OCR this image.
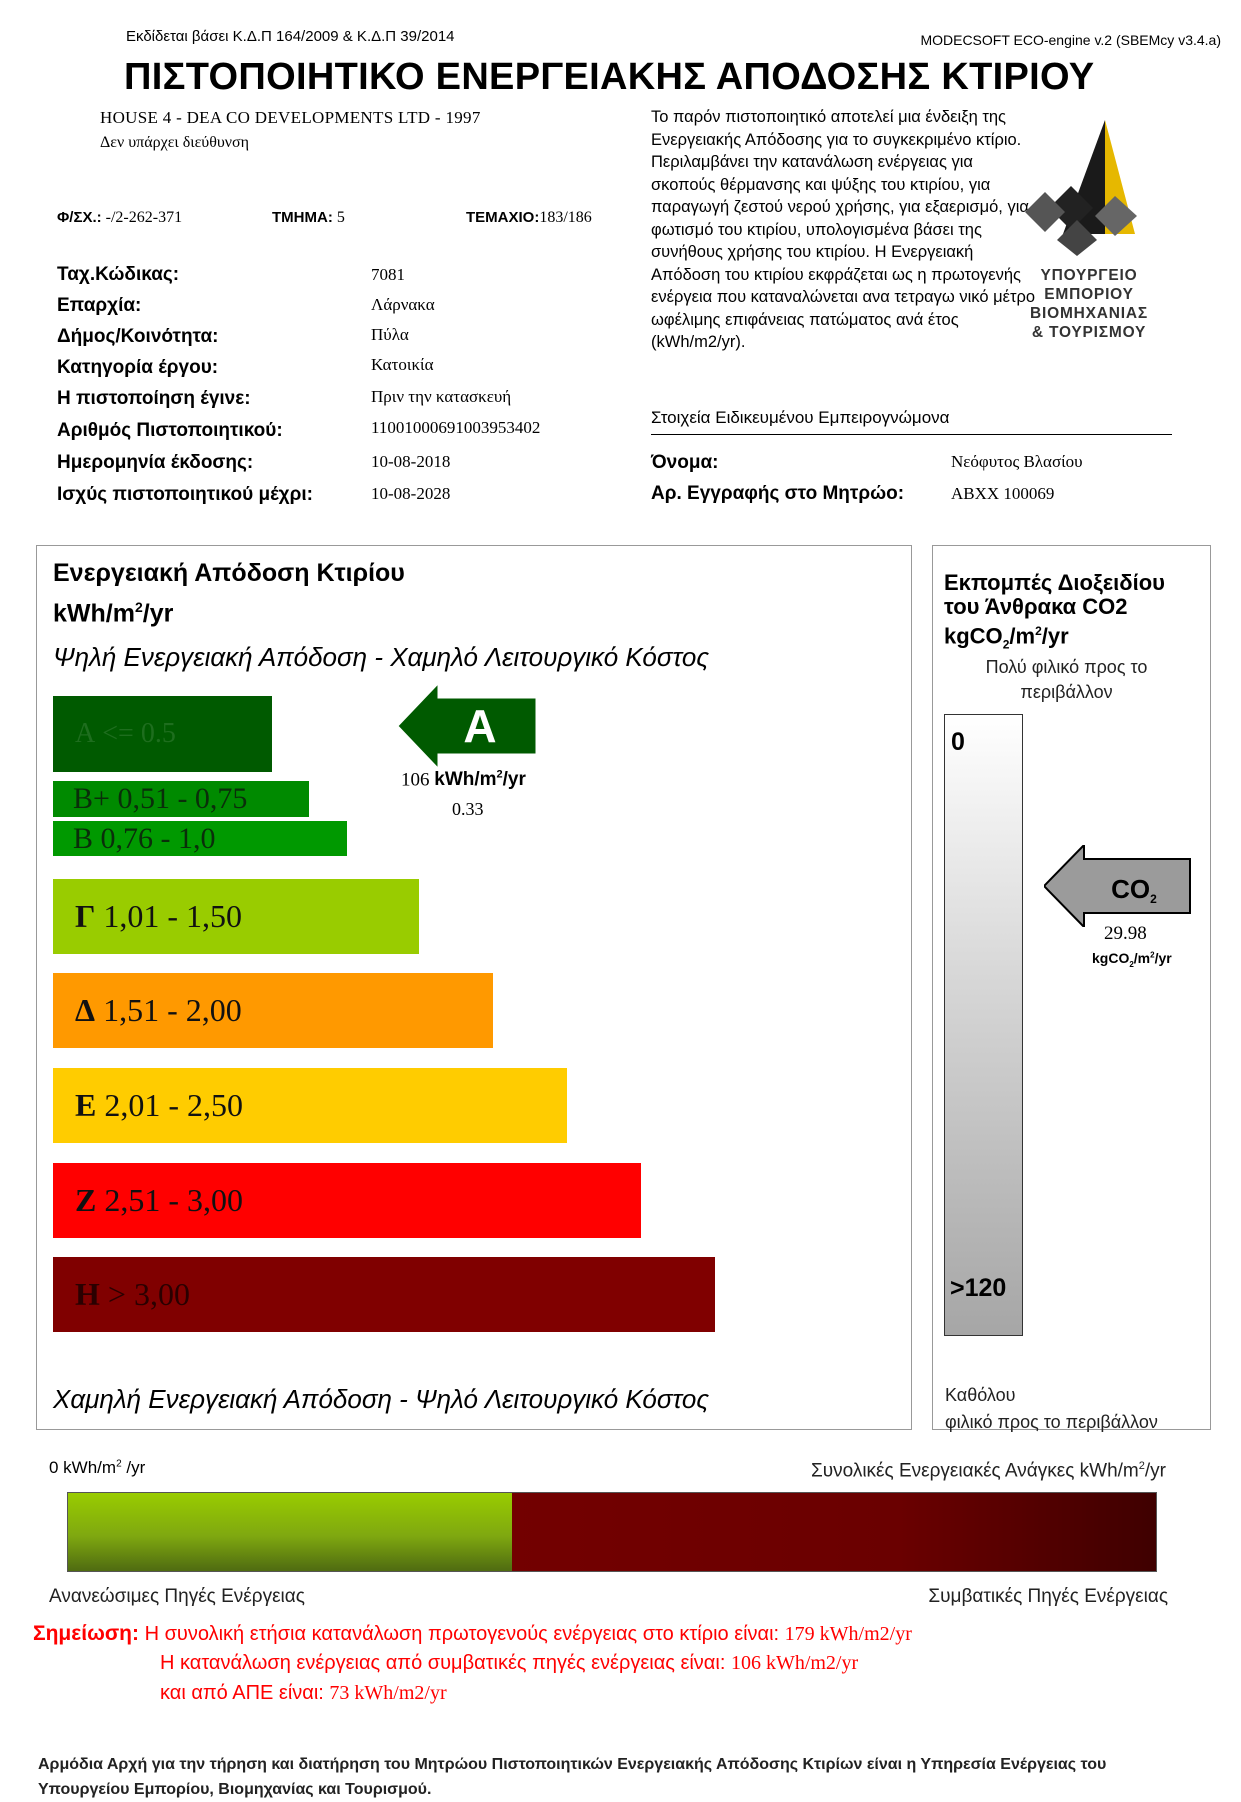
Εκδίδεται βάσει Κ.Δ.Π 164/2009 & Κ.Δ.Π 39/2014	MODECSOFT ECO-engine v.2 (SBEMcy v3.4.a)
ΠΙΣΤΟΠΟΙΗΤΙΚΟ ΕΝΕΡΓΕΙΑΚΗΣ ΑΠΟΔΟΣΗΣ ΚΤΙΡΙΟΥ
HOUSE 4 - DEA CO DEVELOPMENTS LTD - 1997
Δεν υπάρχει διεύθυνση
Φ/ΣΧ.: -/2-262-371	ΤΜΗΜΑ: 5	ΤΕΜΑΧΙΟ:183/186
Ταχ.Κώδικας:	7081
Επαρχία:	Λάρνακα
Δήμος/Κοινότητα:	Πύλα
Κατηγορία έργου:	Κατοικία
Η πιστοποίηση έγινε:	Πριν την κατασκευή
Αριθμός Πιστοποιητικού:	11001000691003953402
Ημερομηνία έκδοσης:	10-08-2018
Ισχύς πιστοποιητικού μέχρι:	10-08-2028
Το παρόν πιστοποιητικό αποτελεί μια ένδειξη της Ενεργειακής Απόδοσης για το συγκεκριμένο κτίριο. Περιλαμβάνει την κατανάλωση ενέργειας για σκοπούς θέρμανσης και ψύξης του κτιρίου, για παραγωγή ζεστού νερού χρήσης, για εξαερισμό, για φωτισμό του κτιρίου, υπολογισμένα βάσει της συνήθους χρήσης του κτιρίου. Η Ενεργειακή Απόδοση του κτιρίου εκφράζεται ως η πρωτογενής ενέργεια που καταναλώνεται ανα τετραγω νικό μέτρο ωφέλιμης επιφάνειας πατώματος ανά έτος (kWh/m2/yr).
ΥΠΟΥΡΓΕΙΟ
ΕΜΠΟΡΙΟΥ
ΒΙΟΜΗΧΑΝΙΑΣ
& ΤΟΥΡΙΣΜΟΥ
Στοιχεία Ειδικευμένου Εμπειρογνώμονα
Όνομα:	Νεόφυτος Βλασίου
Αρ. Εγγραφής στο Μητρώο:	ΑΒΧΧ 100069
Ενεργειακή Απόδοση Κτιρίου
kWh/$m^2/yr$
Ψηλή Ενεργειακή Απόδοση - Χαμηλό Λειτουργικό Κόστος
A <= 0.5
B+ 0,51 - 0,75
B 0,76 - 1,0
Γ 1,01 - 1,50
Δ 1,51 - 2,00
Ε 2,01 - 2,50
Ζ 2,51 - 3,00
Η > 3,00
A
106 kWh/$m^2/yr$
0.33
Χαμηλή Ενεργειακή Απόδοση - Ψηλό Λειτουργικό Κόστος
Εκπομπές Διοξειδίου
του Άνθρακα CO2
$kgCO_2/m^2/yr$
Πολύ φιλικό προς το περιβάλλον
0
>120
CO2
29.98
$kgCO_2/m^2/yr$
Καθόλου
φιλικό προς το περιβάλλον
0 kWh/$m^2$ /yr	Συνολικές Ενεργειακές Ανάγκες kWh/$m^2/yr$
Ανανεώσιμες Πηγές Ενέργειας	Συμβατικές Πηγές Ενέργειας
Σημείωση: Η συνολική ετήσια κατανάλωση πρωτογενούς ενέργειας στο κτίριο είναι: 179 kWh/m2/yr
Η κατανάλωση ενέργειας από συμβατικές πηγές ενέργειας είναι: 106 kWh/m2/yr
και από ΑΠΕ είναι: 73 kWh/m2/yr
Αρμόδια Αρχή για την τήρηση και διατήρηση του Μητρώου Πιστοποιητικών Ενεργειακής Απόδοσης Κτιρίων είναι η Υπηρεσία Ενέργειας του Υπουργείου Εμπορίου, Βιομηχανίας και Τουρισμού.
